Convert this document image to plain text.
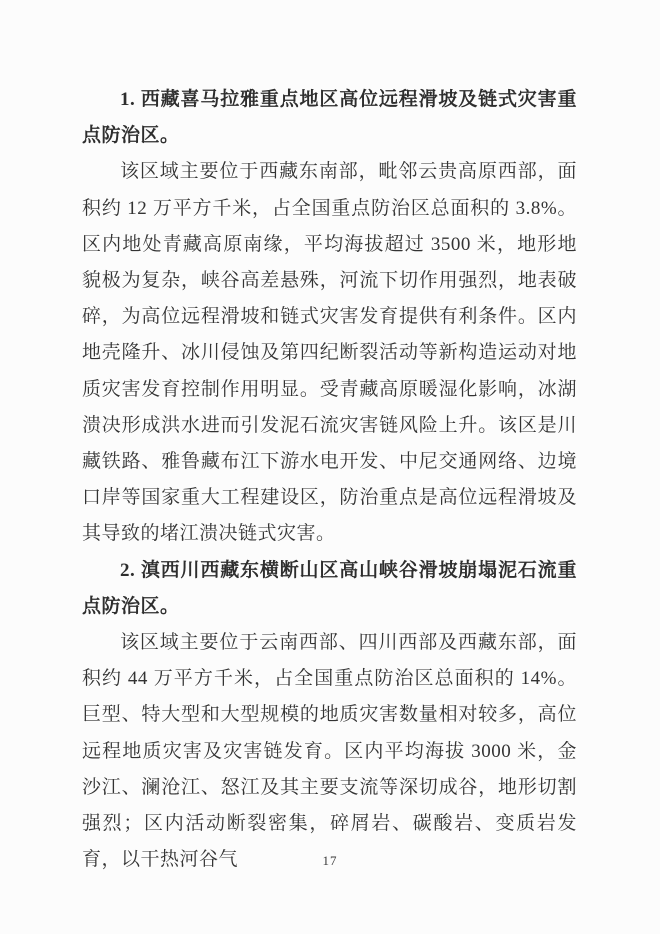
1. 西藏喜马拉雅重点地区高位远程滑坡及链式灾害重点防治区。

该区域主要位于西藏东南部，毗邻云贵高原西部，面积约 12 万平方千米，占全国重点防治区总面积的 3.8%。区内地处青藏高原南缘，平均海拔超过 3500 米，地形地貌极为复杂，峡谷高差悬殊，河流下切作用强烈，地表破碎，为高位远程滑坡和链式灾害发育提供有利条件。区内地壳隆升、冰川侵蚀及第四纪断裂活动等新构造运动对地质灾害发育控制作用明显。受青藏高原暖湿化影响，冰湖溃决形成洪水进而引发泥石流灾害链风险上升。该区是川藏铁路、雅鲁藏布江下游水电开发、中尼交通网络、边境口岸等国家重大工程建设区，防治重点是高位远程滑坡及其导致的堵江溃决链式灾害。

2. 滇西川西藏东横断山区高山峡谷滑坡崩塌泥石流重点防治区。

该区域主要位于云南西部、四川西部及西藏东部，面积约 44 万平方千米，占全国重点防治区总面积的 14%。巨型、特大型和大型规模的地质灾害数量相对较多，高位远程地质灾害及灾害链发育。区内平均海拔 3000 米，金沙江、澜沧江、怒江及其主要支流等深切成谷，地形切割强烈；区内活动断裂密集，碎屑岩、碳酸岩、变质岩发育，以干热河谷气	17
